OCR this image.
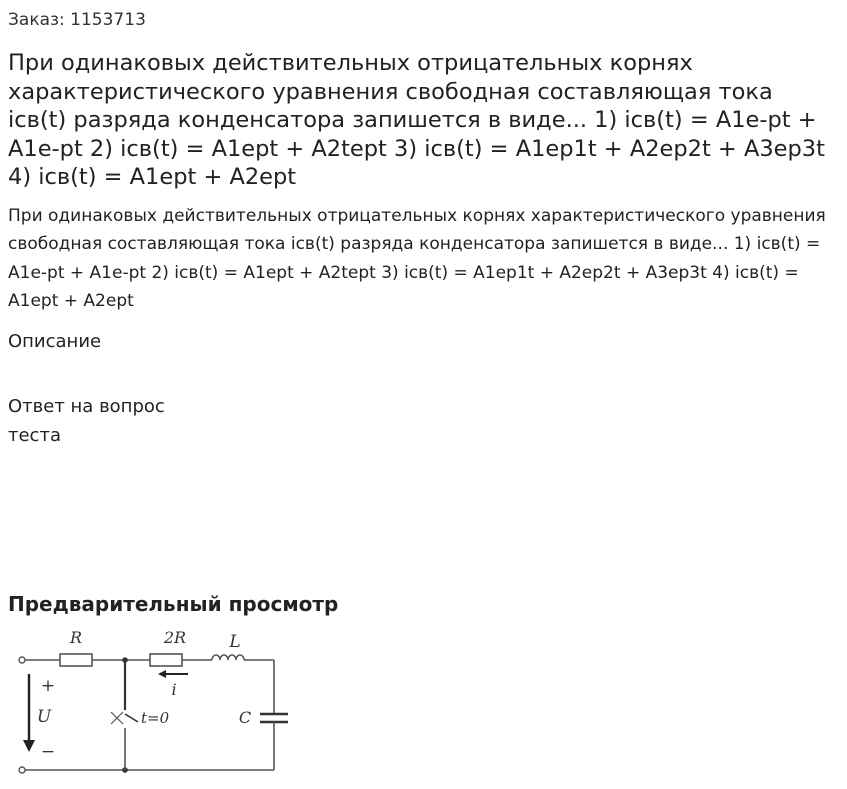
Заказ: 1153713
При одинаковых действительных отрицательных корнях характеристического уравнения свободная составляющая тока iсв(t) разряда конденсатора запишется в виде... 1) iсв(t) = A1e-pt + A1e-pt 2) iсв(t) = A1ept + A2tept 3) iсв(t) = A1ep1t + A2ep2t + A3ep3t 4) iсв(t) = A1ept + A2ept

При одинаковых действительных отрицательных корнях характеристического уравнения свободная составляющая тока iсв(t) разряда конденсатора запишется в виде... 1) iсв(t) = A1e-pt + A1e-pt 2) iсв(t) = A1ept + A2tept 3) iсв(t) = A1ep1t + A2ep2t + A3ep3t 4) iсв(t) = A1ept + A2ept

Описание
Ответ на вопрос теста
Предварительный просмотр
R	2R	L
C
U
+
−
i
t=0
